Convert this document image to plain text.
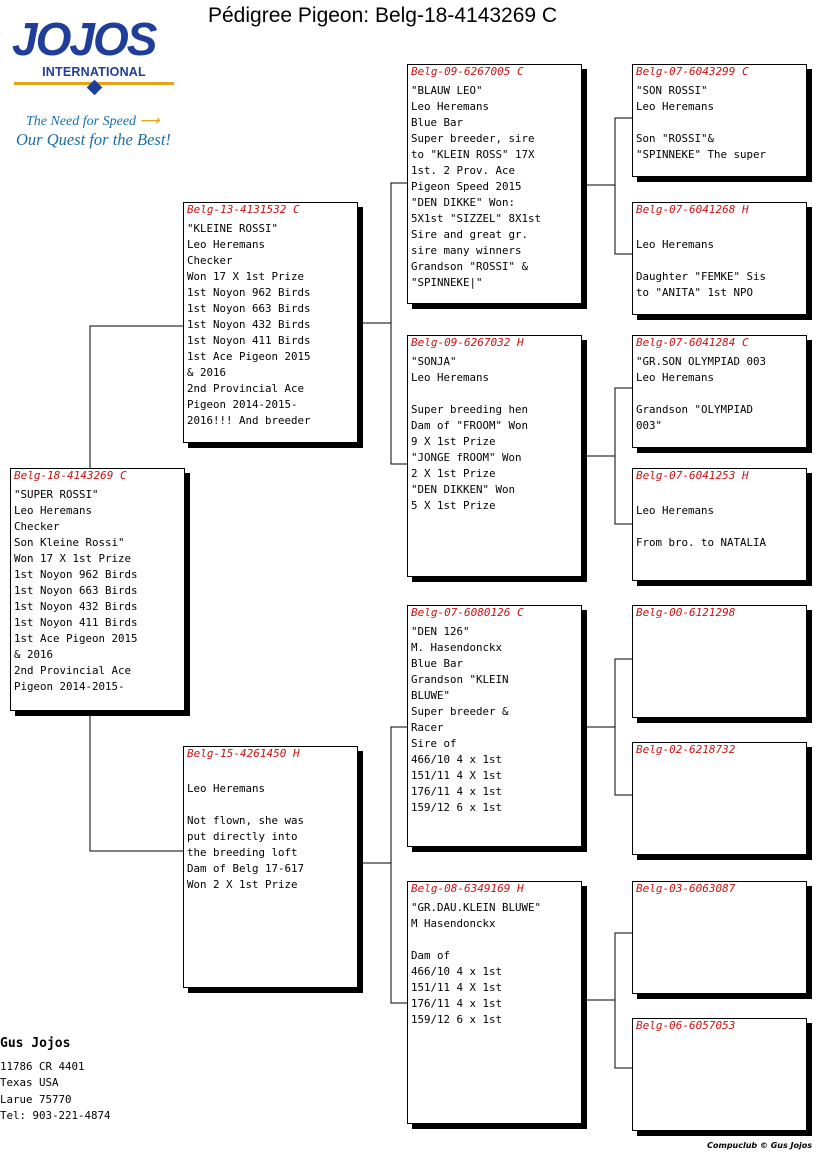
Pédigree Pigeon: Belg-18-4143269 C
JOJOS
INTERNATIONAL
The Need for Speed ⟶
Our Quest for the Best!
Belg-18-4143269 C
"SUPER ROSSI"
Leo Heremans
Checker
Son Kleine Rossi"
Won 17 X 1st Prize
1st Noyon 962 Birds
1st Noyon 663 Birds
1st Noyon 432 Birds
1st Noyon 411 Birds
1st Ace Pigeon 2015
& 2016
2nd Provincial Ace
Pigeon 2014-2015-
Belg-13-4131532 C
"KLEINE ROSSI"
Leo Heremans
Checker
Won 17 X 1st Prize
1st Noyon 962 Birds
1st Noyon 663 Birds
1st Noyon 432 Birds
1st Noyon 411 Birds
1st Ace Pigeon 2015
& 2016
2nd Provincial Ace
Pigeon 2014-2015-
2016!!! And breeder
Belg-15-4261450 H
Leo Heremans
Not flown, she was
put directly into
the breeding loft
Dam of Belg 17-617
Won 2 X 1st Prize
Belg-09-6267005 C
"BLAUW LEO"
Leo Heremans
Blue Bar
Super breeder, sire
to "KLEIN ROSS" 17X
1st. 2 Prov. Ace
Pigeon Speed 2015
"DEN DIKKE" Won:
5X1st "SIZZEL" 8X1st
Sire and great gr.
sire many winners
Grandson "ROSSI" &
"SPINNEKE|"
Belg-09-6267032 H
"SONJA"
Leo Heremans
Super breeding hen
Dam of "FROOM" Won
9 X 1st Prize
"JONGE fROOM" Won
2 X 1st Prize
"DEN DIKKEN" Won
5 X 1st Prize
Belg-07-6080126 C
"DEN 126"
M. Hasendonckx
Blue Bar
Grandson "KLEIN
BLUWE"
Super breeder &
Racer
Sire of
466/10 4 x 1st
151/11 4 X 1st
176/11 4 x 1st
159/12 6 x 1st
Belg-08-6349169 H
"GR.DAU.KLEIN BLUWE"
M Hasendonckx
Dam of
466/10 4 x 1st
151/11 4 X 1st
176/11 4 x 1st
159/12 6 x 1st
Belg-07-6043299 C
"SON ROSSI"
Leo Heremans
Son "ROSSI"&
"SPINNEKE" The super
Belg-07-6041268 H
Leo Heremans
Daughter "FEMKE" Sis
to "ANITA" 1st NPO
Belg-07-6041284 C
"GR.SON OLYMPIAD 003
Leo Heremans
Grandson "OLYMPIAD
003"
Belg-07-6041253 H
Leo Heremans
From bro. to NATALIA
Belg-00-6121298
Belg-02-6218732
Belg-03-6063087
Belg-06-6057053
Gus Jojos
11786 CR 4401
Texas USA
Larue 75770
Tel: 903-221-4874
Compuclub © Gus Jojos
